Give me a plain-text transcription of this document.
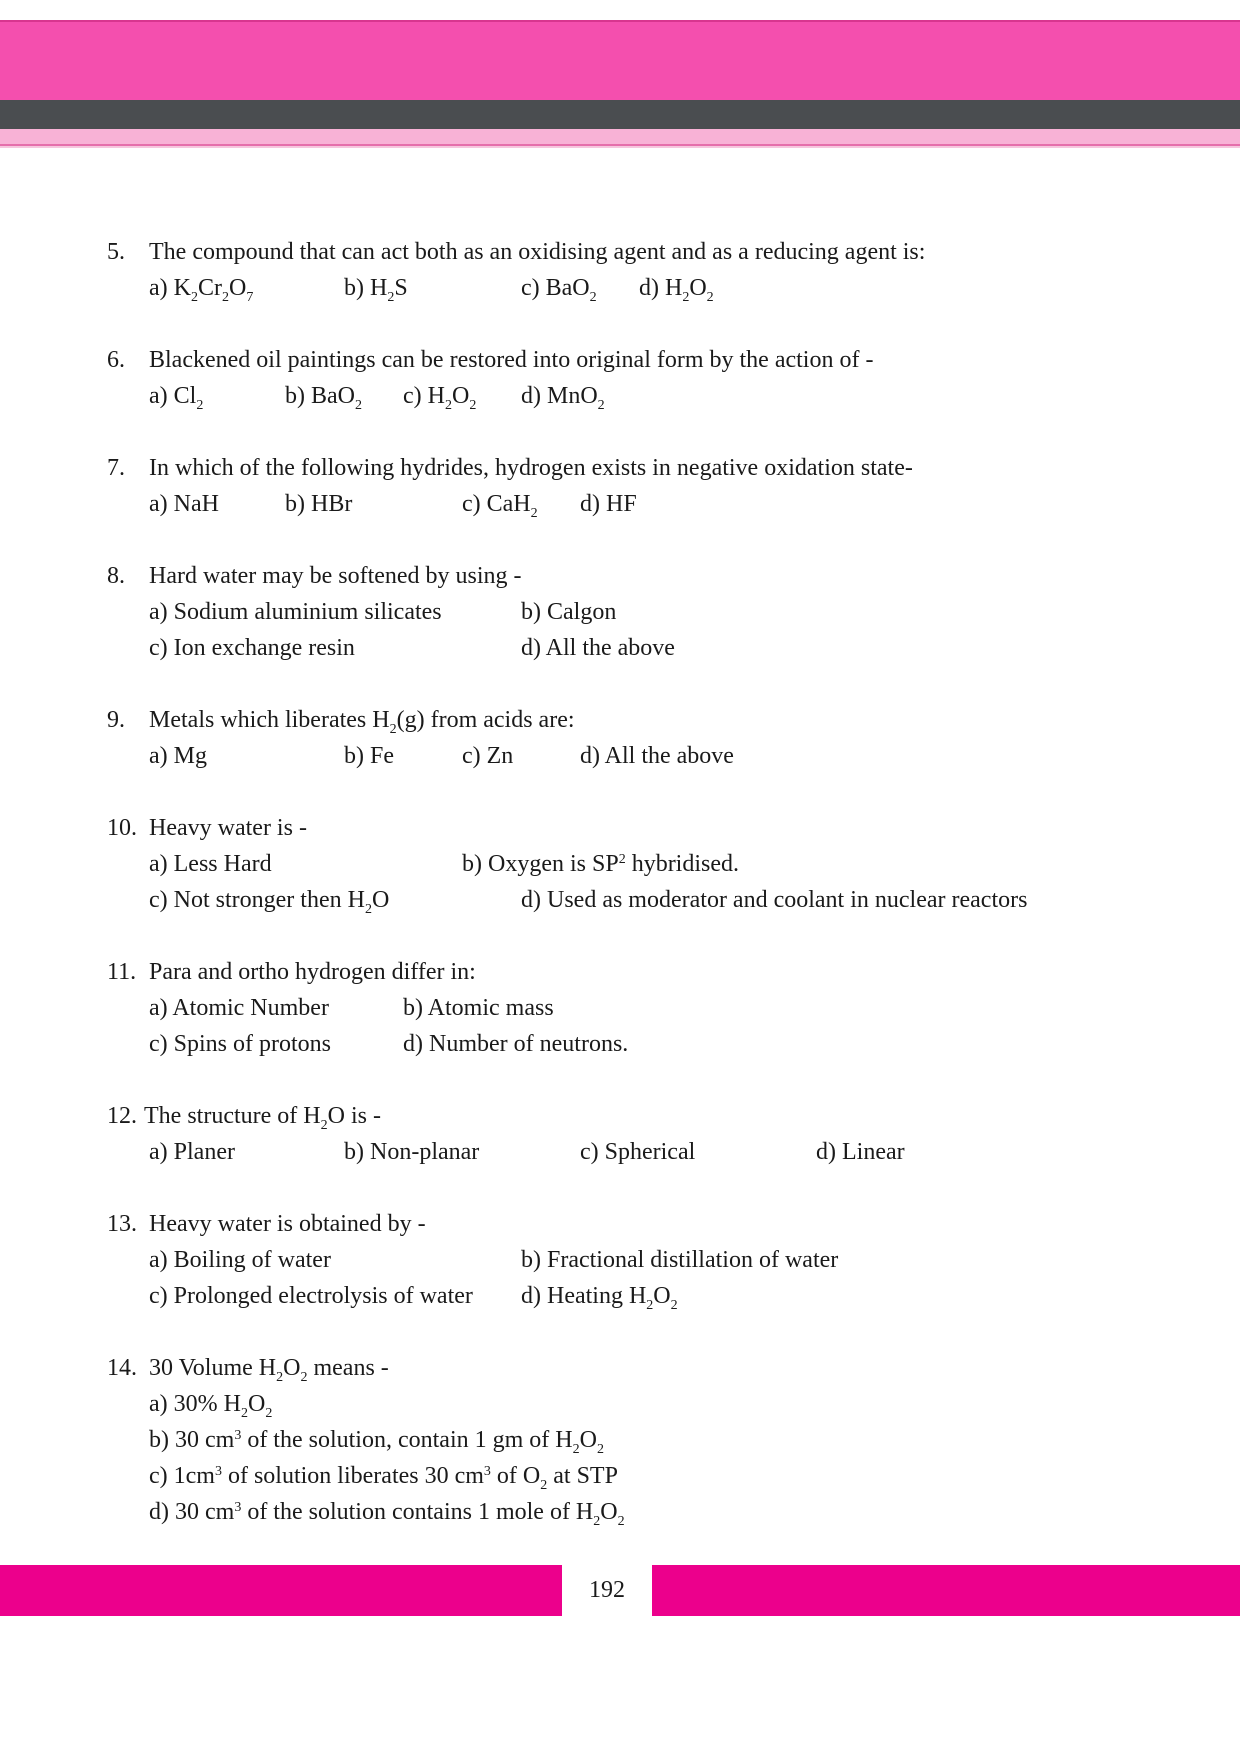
5. The compound that can act both as an oxidising agent and as a reducing agent is:
a) $K_2Cr_2O_7$	b) $H_2S$	c) BaO$_2$ d) $H_2O_2$
6. Blackened oil paintings can be restored into original form by the action of -
a) $Cl_2$	b) BaO$_2$ c) $H_2O_2$ d) MnO$_2$
7. In which of the following hydrides, hydrogen exists in negative oxidation state-
a) NaH	b) HBr	c) CaH$_2$ d) HF
8. Hard water may be softened by using -
a) Sodium aluminium silicates	b) Calgon
c) Ion exchange resin	d) All the above
9. Metals which liberates $H_2(g)$ from acids are:
a) Mg	b) Fe	c) Zn	d) All the above
10. Heavy water is -
a) Less Hard	b) Oxygen is $SP^2$ hybridised.
c) Not stronger then $H_2O$	d) Used as moderator and coolant in nuclear reactors
11. Para and ortho hydrogen differ in:
a) Atomic Number	b) Atomic mass
c) Spins of protons	d) Number of neutrons.
12. The structure of $H_2O$ is -
a) Planer	b) Non-planar	c) Spherical	d) Linear
13. Heavy water is obtained by -
a) Boiling of water	b) Fractional distillation of water
c) Prolonged electrolysis of water d) Heating $H_2O_2$
14. 30 Volume $H_2O_2$ means -
a) 30% $H_2O_2$
b) 30 $cm^3$ of the solution, contain 1 gm of $H_2O_2$
c) $1cm^3$ of solution liberates 30 $cm^3$ of $O_2$ at STP
d) 30 $cm^3$ of the solution contains 1 mole of $H_2O_2$
192
